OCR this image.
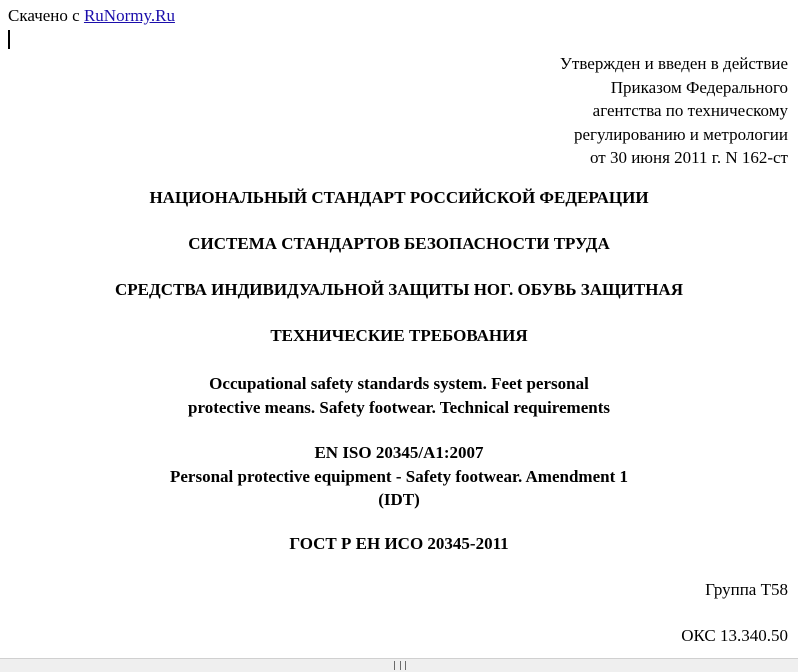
Скачено с RuNormy.Ru
Утвержден и введен в действие
Приказом Федерального
агентства по техническому
регулированию и метрологии
от 30 июня 2011 г. N 162-ст
НАЦИОНАЛЬНЫЙ СТАНДАРТ РОССИЙСКОЙ ФЕДЕРАЦИИ
СИСТЕМА СТАНДАРТОВ БЕЗОПАСНОСТИ ТРУДА
СРЕДСТВА ИНДИВИДУАЛЬНОЙ ЗАЩИТЫ НОГ. ОБУВЬ ЗАЩИТНАЯ
ТЕХНИЧЕСКИЕ ТРЕБОВАНИЯ
Occupational safety standards system. Feet personal
protective means. Safety footwear. Technical requirements
EN ISO 20345/A1:2007
Personal protective equipment - Safety footwear. Amendment 1
(IDT)
ГОСТ Р ЕН ИСО 20345-2011
Группа Т58
ОКС 13.340.50
